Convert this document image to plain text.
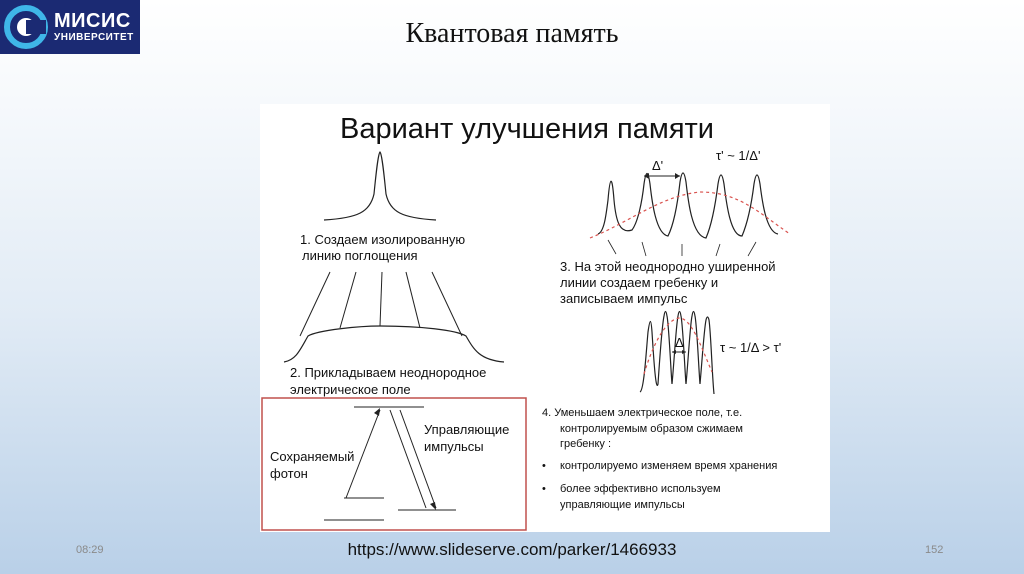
МИСИС
УНИВЕРСИТЕТ	Квантовая память
Вариант улучшения памяти
1. Создаем изолированную
линию поглощения
2. Прикладываем неоднородное
электрическое поле
Δ'
τ' ~ 1/Δ'
3. На этой неоднородно уширенной
линии создаем гребенку и
записываем импульс
Δ	τ ~ 1/Δ > τ'
Сохраняемый
фотон
Управляющие
импульсы
4. Уменьшаем электрическое поле, т.е.
контролируемым образом сжимаем
гребенку :
• контролируемо изменяем время хранения
• более эффективно используем
управляющие импульсы
08:29	https://www.slideserve.com/parker/1466933	152
